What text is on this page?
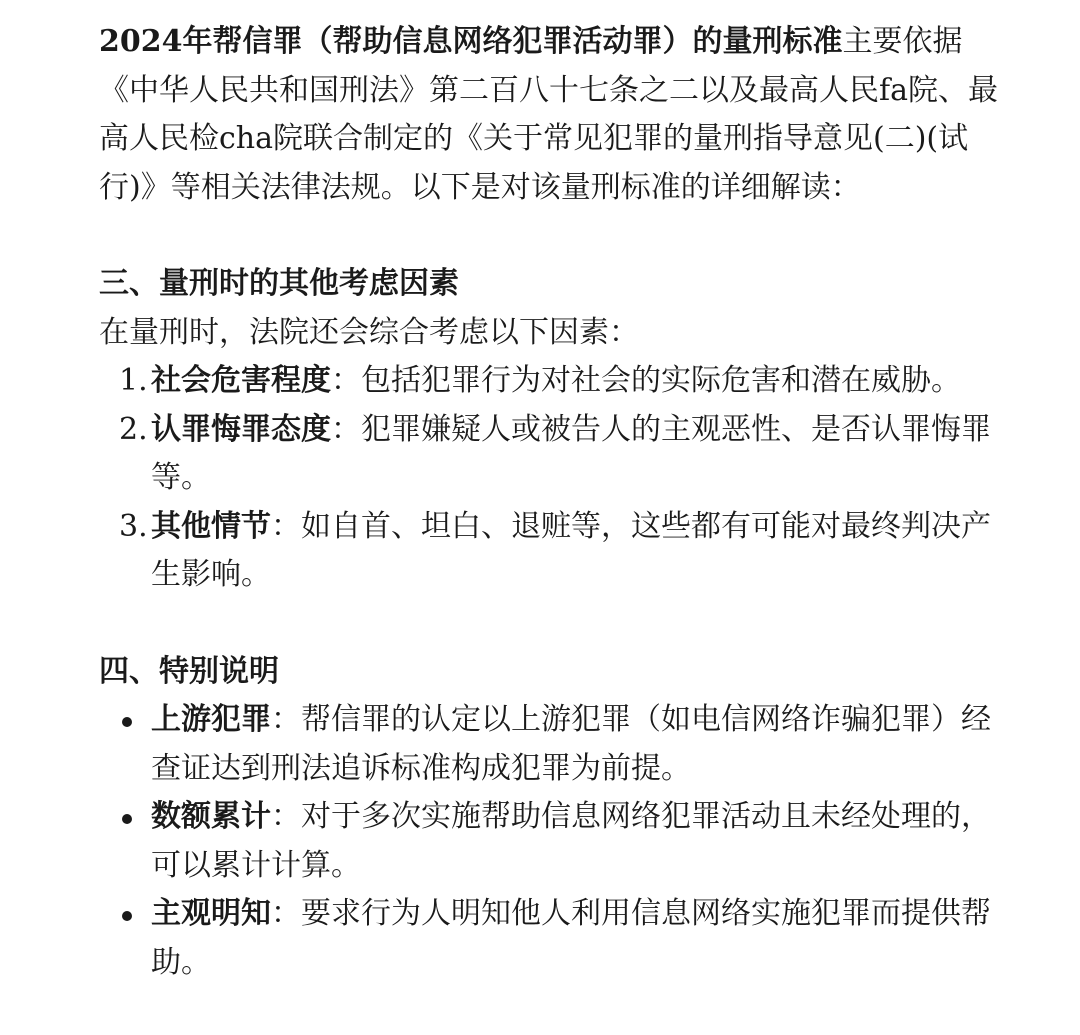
2024年帮信罪（帮助信息网络犯罪活动罪）的量刑标准主要依据《中华人民共和国刑法》第二百八十七条之二以及最高人民fa院、最高人民检cha院联合制定的《关于常见犯罪的量刑指导意见(二)(试行)》等相关法律法规。以下是对该量刑标准的详细解读：

三、量刑时的其他考虑因素

在量刑时，法院还会综合考虑以下因素：

1. 社会危害程度：包括犯罪行为对社会的实际危害和潜在威胁。
2. 认罪悔罪态度：犯罪嫌疑人或被告人的主观恶性、是否认罪悔罪等。
3. 其他情节：如自首、坦白、退赃等，这些都有可能对最终判决产生影响。
四、特别说明
上游犯罪：帮信罪的认定以上游犯罪（如电信网络诈骗犯罪）经查证达到刑法追诉标准构成犯罪为前提。
数额累计：对于多次实施帮助信息网络犯罪活动且未经处理的，可以累计计算。
主观明知：要求行为人明知他人利用信息网络实施犯罪而提供帮助。
